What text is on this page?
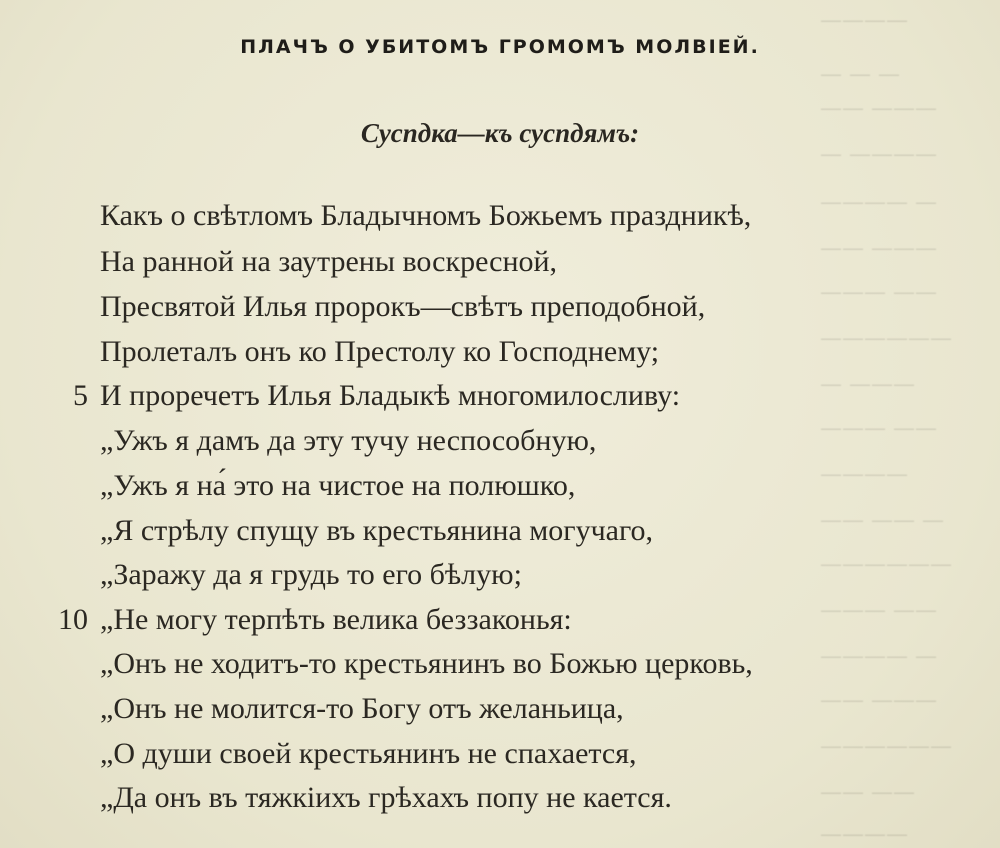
————
— — —
——— ——
———— —
— ————
——— ——
—— ———
——————
——— —
—— ———
————
— —— ——
——————
—— ———
— ————
——— ——
——————
—— ——
————
ПЛАЧЪ О УБИТОМЪ ГРОМОМЪ МОЛВIЕЙ.
Суспдка—къ суспдямъ:
Какъ о свѣтломъ Бладычномъ Божьемъ праздникѣ,
На ранной на заутрены воскресной,
Пресвятой Илья пророкъ—свѣтъ преподобной,
Пролеталъ онъ ко Престолу ко Господнему;
5 И проречетъ Илья Бладыкѣ многомилосливу:
„Ужъ я дамъ да эту тучу неспособную,
„Ужъ я на́ это на чистое на полюшко,
„Я стрѣлу спущу въ крестьянина могучаго,
„Заражу да я грудь то его бѣлую;
10 „Не могу терпѣть велика беззаконья:
„Онъ не ходитъ-то крестьянинъ во Божью церковь,
„Онъ не молится-то Богу отъ желаньица,
„О души своей крестьянинъ не спахается,
„Да онъ въ тяжкiихъ грѣхахъ попу не кается.
